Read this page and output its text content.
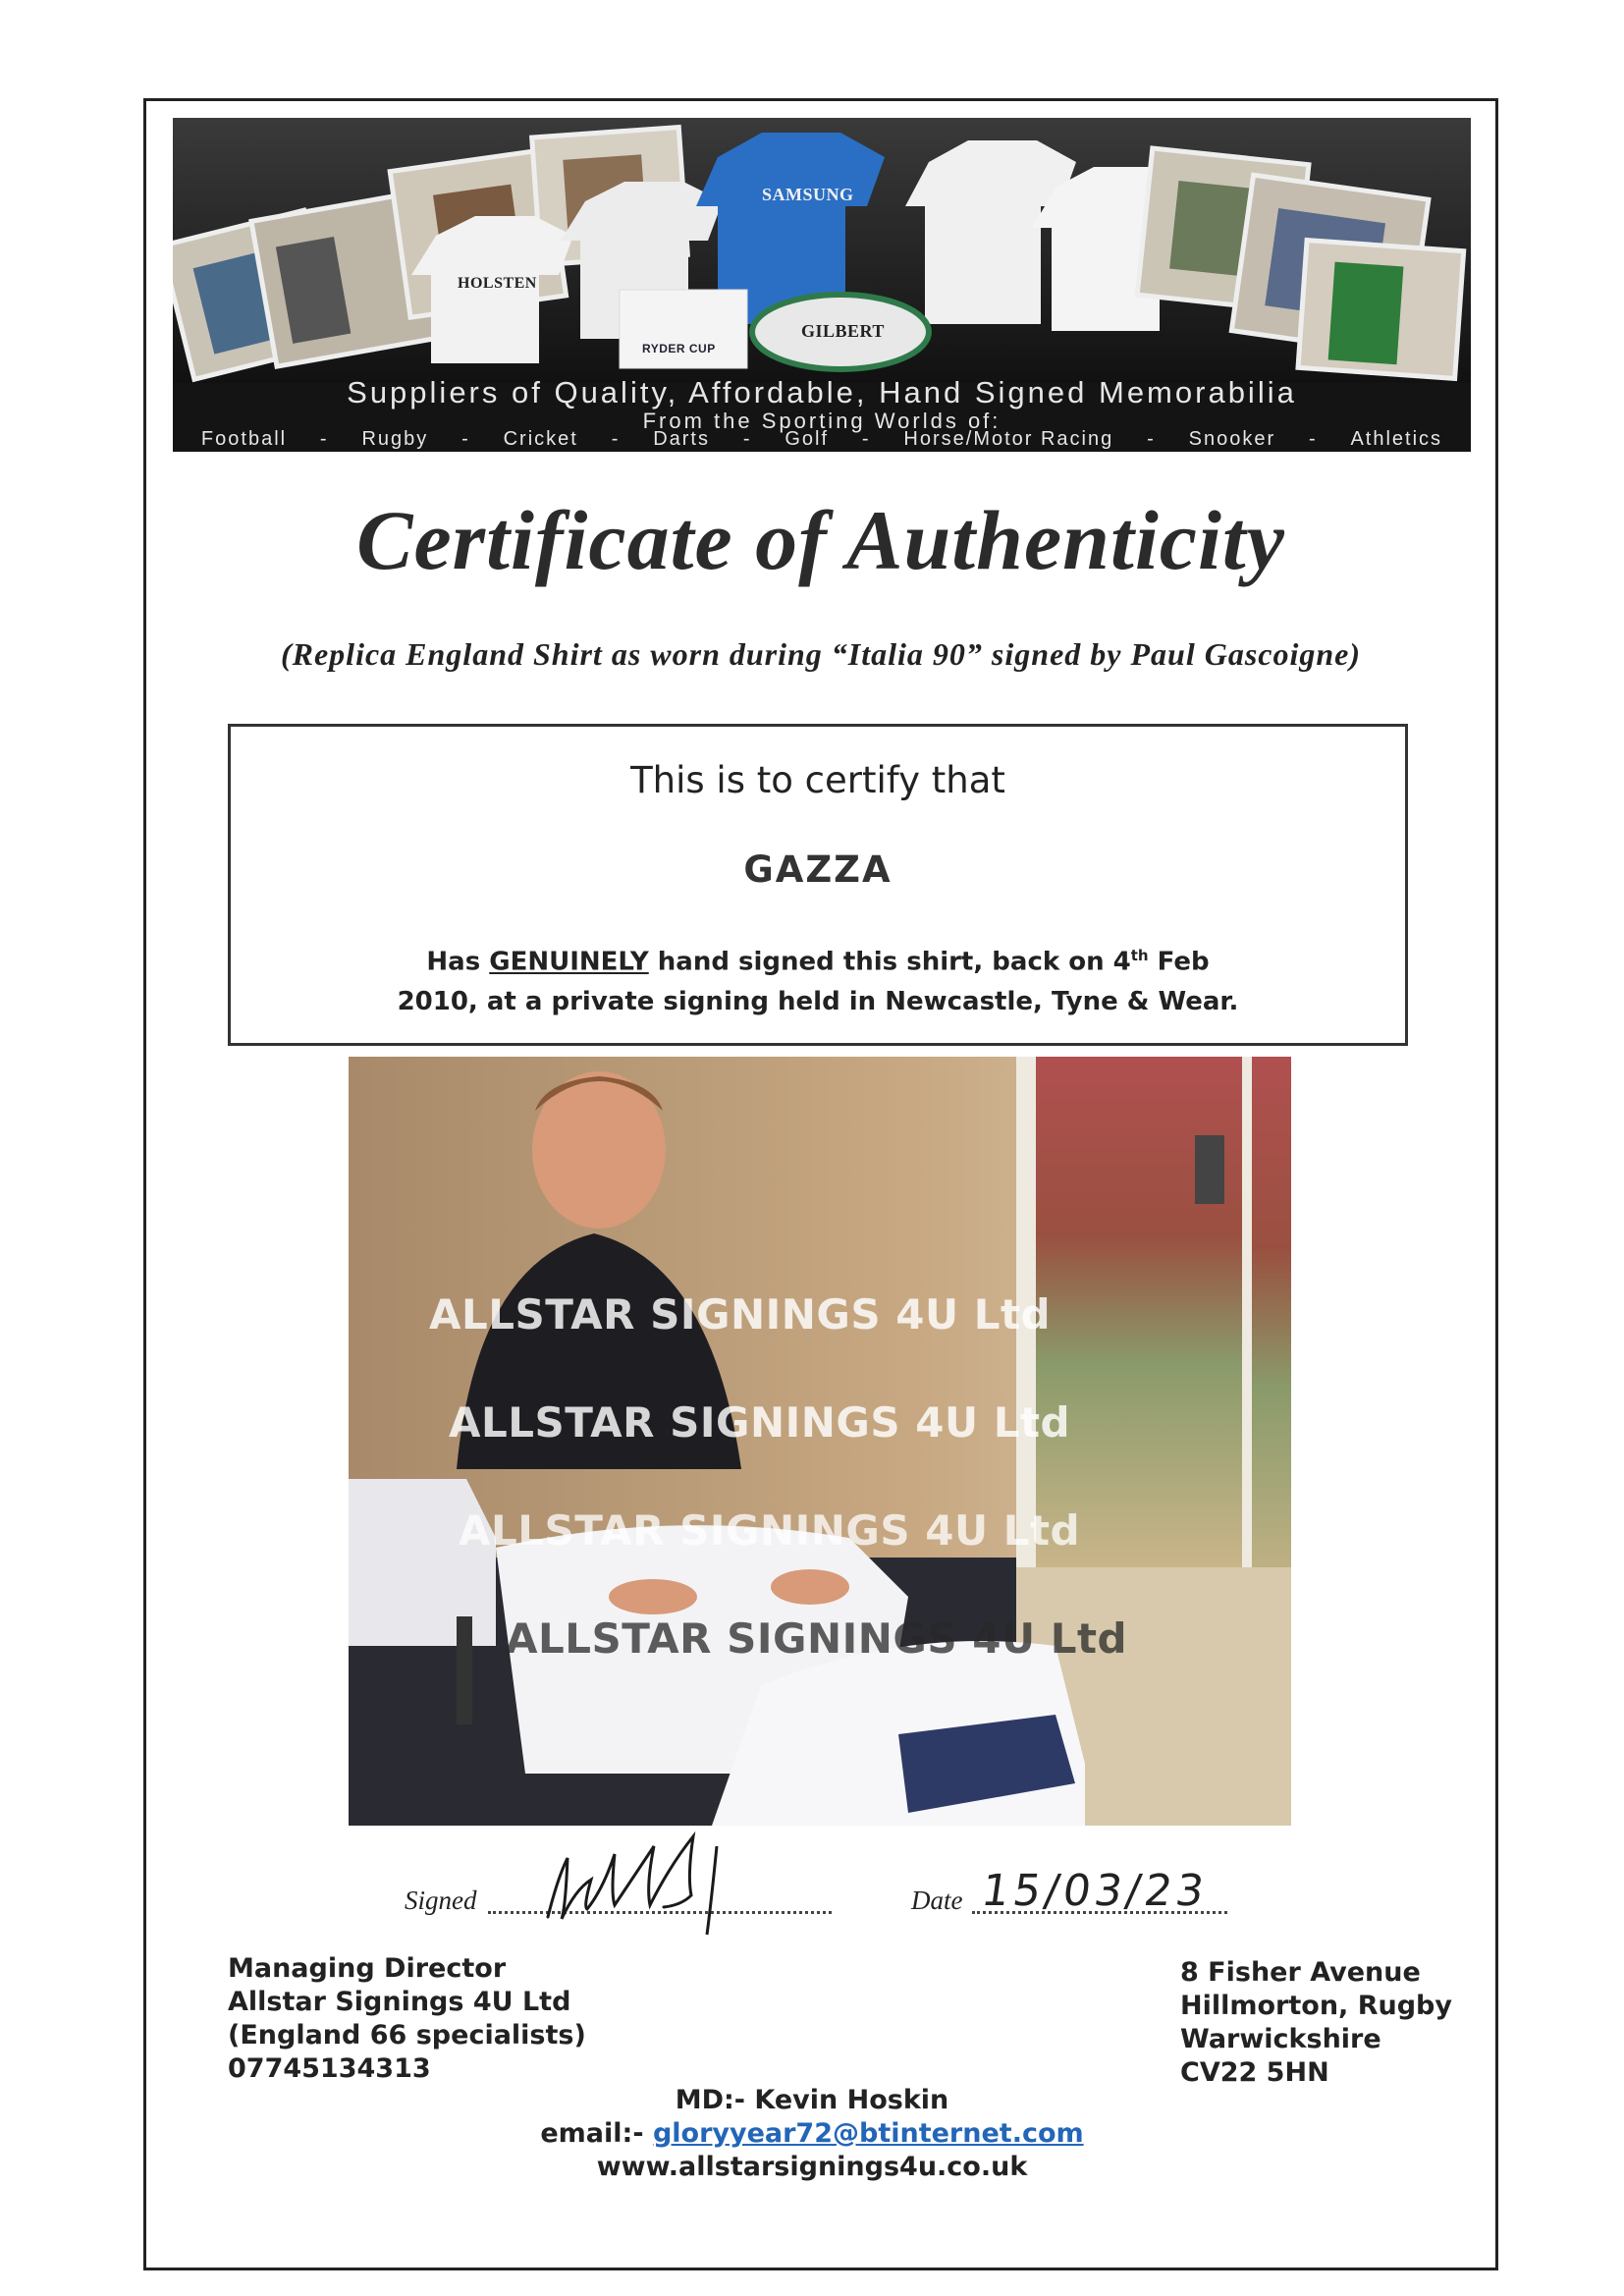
HOLSTEN
SAMSUNG
GILBERT
RYDER CUP
Suppliers of Quality, Affordable, Hand Signed Memorabilia
From the Sporting Worlds of:
Football - Rugby - Cricket - Darts - Golf - Horse/Motor Racing - Snooker - Athletics
Certificate of Authenticity
(Replica England Shirt as worn during “Italia 90” signed by Paul Gascoigne)
This is to certify that
GAZZA
Has GENUINELY hand signed this shirt, back on 4th Feb
2010, at a private signing held in Newcastle, Tyne & Wear.
ALLSTAR SIGNINGS 4U Ltd
ALLSTAR SIGNINGS 4U Ltd
ALLSTAR SIGNINGS 4U Ltd
ALLSTAR SIGNINGS 4U Ltd
Signed	Date 15/03/23
Managing Director
Allstar Signings 4U Ltd
(England 66 specialists)
07745134313
8 Fisher Avenue
Hillmorton, Rugby
Warwickshire
CV22 5HN
MD:- Kevin Hoskin
email:- gloryyear72@btinternet.com
www.allstarsignings4u.co.uk
